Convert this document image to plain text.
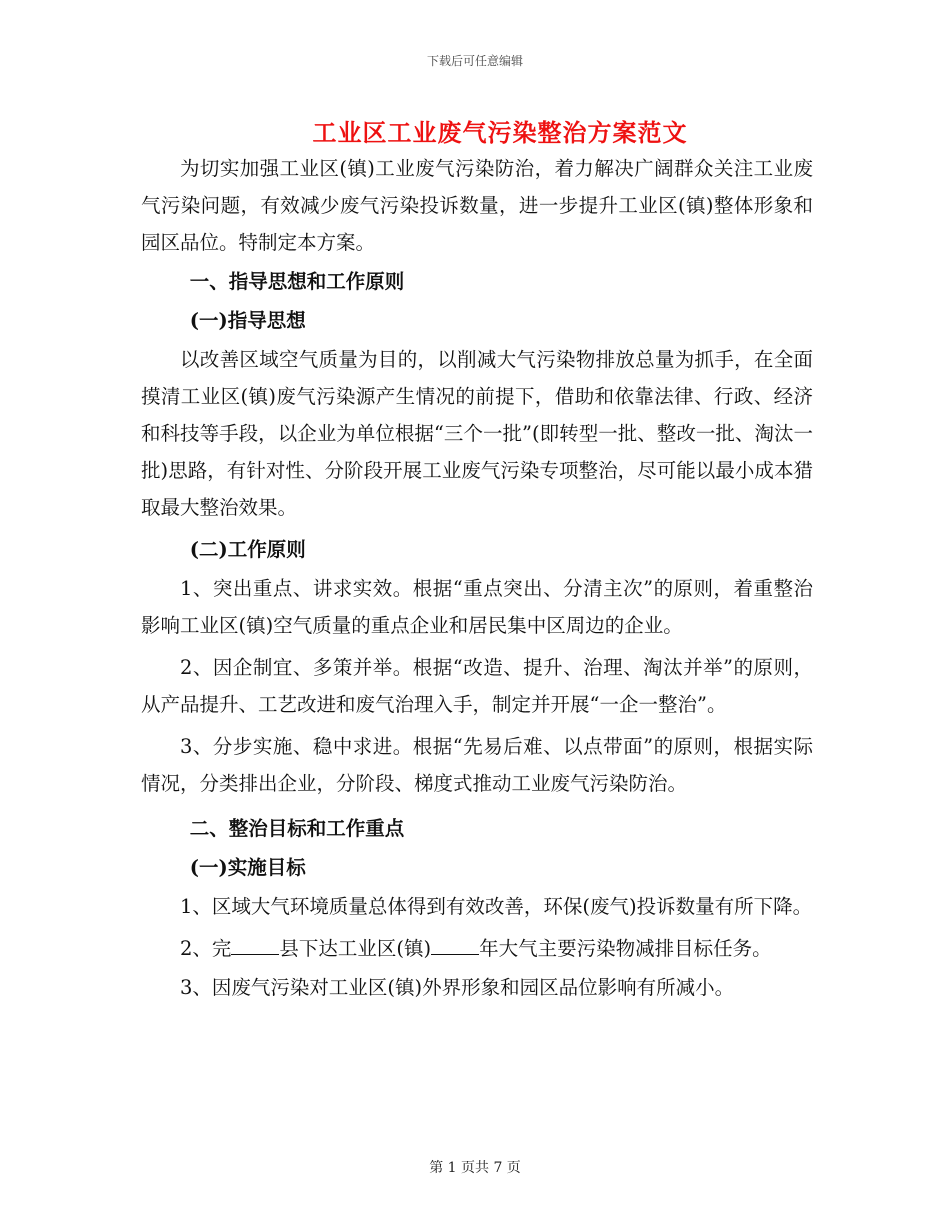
下载后可任意编辑
工业区工业废气污染整治方案范文

为切实加强工业区(镇)工业废气污染防治，着力解决广阔群众关注工业废气污染问题，有效减少废气污染投诉数量，进一步提升工业区(镇)整体形象和园区品位。特制定本方案。

一、指导思想和工作原则

(一)指导思想

以改善区域空气质量为目的，以削减大气污染物排放总量为抓手，在全面摸清工业区(镇)废气污染源产生情况的前提下，借助和依靠法律、行政、经济和科技等手段，以企业为单位根据“三个一批”(即转型一批、整改一批、淘汰一批)思路，有针对性、分阶段开展工业废气污染专项整治，尽可能以最小成本猎取最大整治效果。

(二)工作原则

1、突出重点、讲求实效。根据“重点突出、分清主次”的原则，着重整治影响工业区(镇)空气质量的重点企业和居民集中区周边的企业。

2、因企制宜、多策并举。根据“改造、提升、治理、淘汰并举”的原则，从产品提升、工艺改进和废气治理入手，制定并开展“一企一整治”。

3、分步实施、稳中求进。根据“先易后难、以点带面”的原则，根据实际情况，分类排出企业，分阶段、梯度式推动工业废气污染防治。

二、整治目标和工作重点

(一)实施目标

1、区域大气环境质量总体得到有效改善，环保(废气)投诉数量有所下降。

2、完 县下达工业区(镇) 年大气主要污染物减排目标任务。

3、因废气污染对工业区(镇)外界形象和园区品位影响有所减小。

第 1 页共 7 页
